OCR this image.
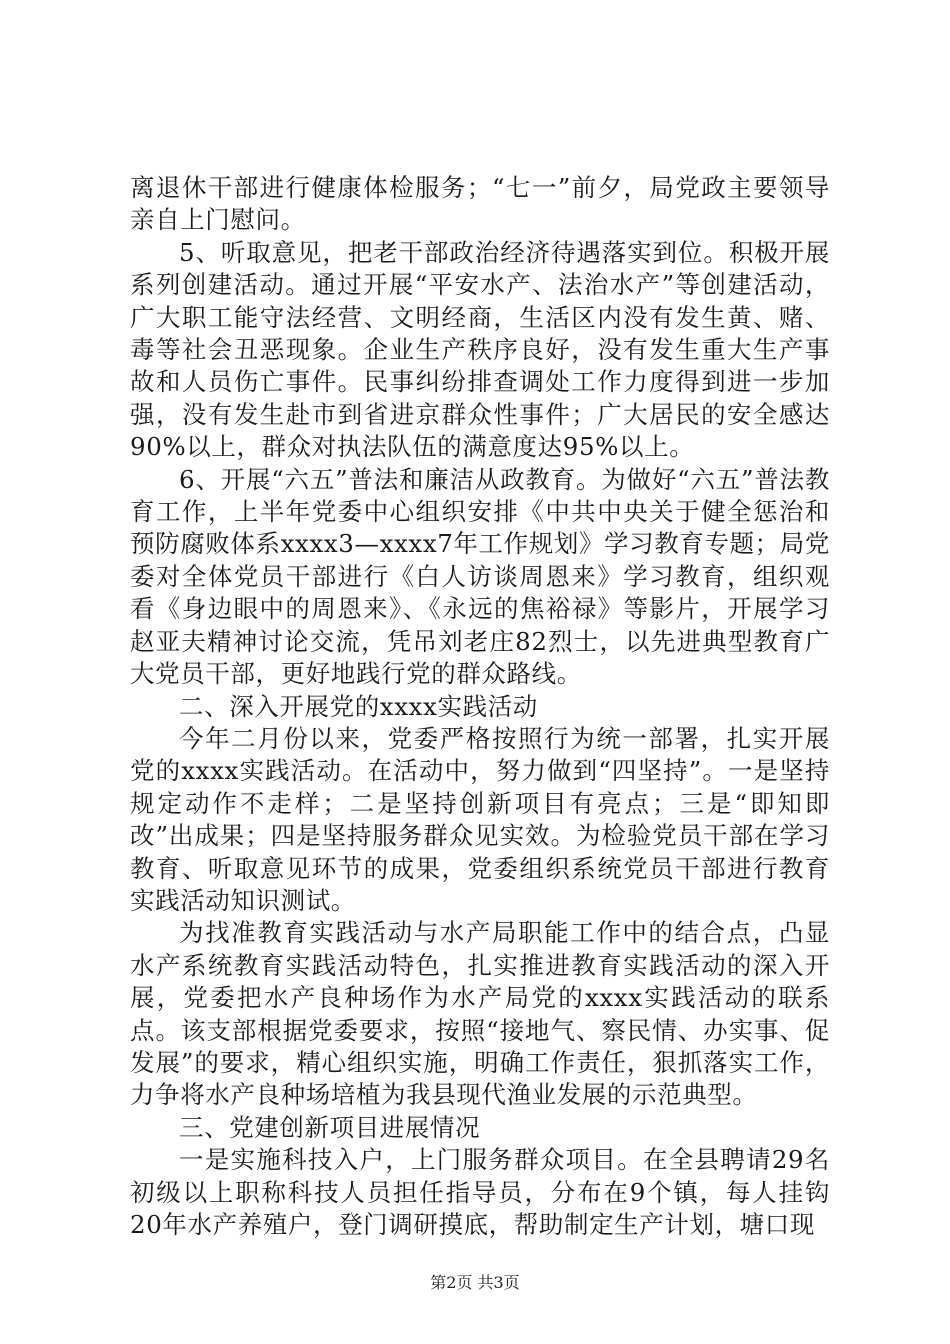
离退休干部进行健康体检服务；“七一”前夕，局党政主要领导亲自上门慰问。

5、听取意见，把老干部政治经济待遇落实到位。积极开展系列创建活动。通过开展“平安水产、法治水产”等创建活动，广大职工能守法经营、文明经商，生活区内没有发生黄、赌、毒等社会丑恶现象。企业生产秩序良好，没有发生重大生产事故和人员伤亡事件。民事纠纷排查调处工作力度得到进一步加强，没有发生赴市到省进京群众性事件；广大居民的安全感达90%以上，群众对执法队伍的满意度达95%以上。

6、开展“六五”普法和廉洁从政教育。为做好“六五”普法教育工作，上半年党委中心组织安排《中共中央关于健全惩治和预防腐败体系xxxx3—xxxx7年工作规划》学习教育专题；局党委对全体党员干部进行《白人访谈周恩来》学习教育，组织观看《身边眼中的周恩来》、《永远的焦裕禄》等影片，开展学习赵亚夫精神讨论交流，凭吊刘老庄82烈士，以先进典型教育广大党员干部，更好地践行党的群众路线。

二、深入开展党的xxxx实践活动

今年二月份以来，党委严格按照行为统一部署，扎实开展党的xxxx实践活动。在活动中，努力做到“四坚持”。一是坚持规定动作不走样；二是坚持创新项目有亮点；三是“即知即改”出成果；四是坚持服务群众见实效。为检验党员干部在学习教育、听取意见环节的成果，党委组织系统党员干部进行教育实践活动知识测试。

为找准教育实践活动与水产局职能工作中的结合点，凸显水产系统教育实践活动特色，扎实推进教育实践活动的深入开展，党委把水产良种场作为水产局党的xxxx实践活动的联系点。该支部根据党委要求，按照“接地气、察民情、办实事、促发展”的要求，精心组织实施，明确工作责任，狠抓落实工作，力争将水产良种场培植为我县现代渔业发展的示范典型。

三、党建创新项目进展情况

一是实施科技入户，上门服务群众项目。在全县聘请29名初级以上职称科技人员担任指导员，分布在9个镇，每人挂钩20年水产养殖户，登门调研摸底，帮助制定生产计划，塘口现

第2页 共3页
